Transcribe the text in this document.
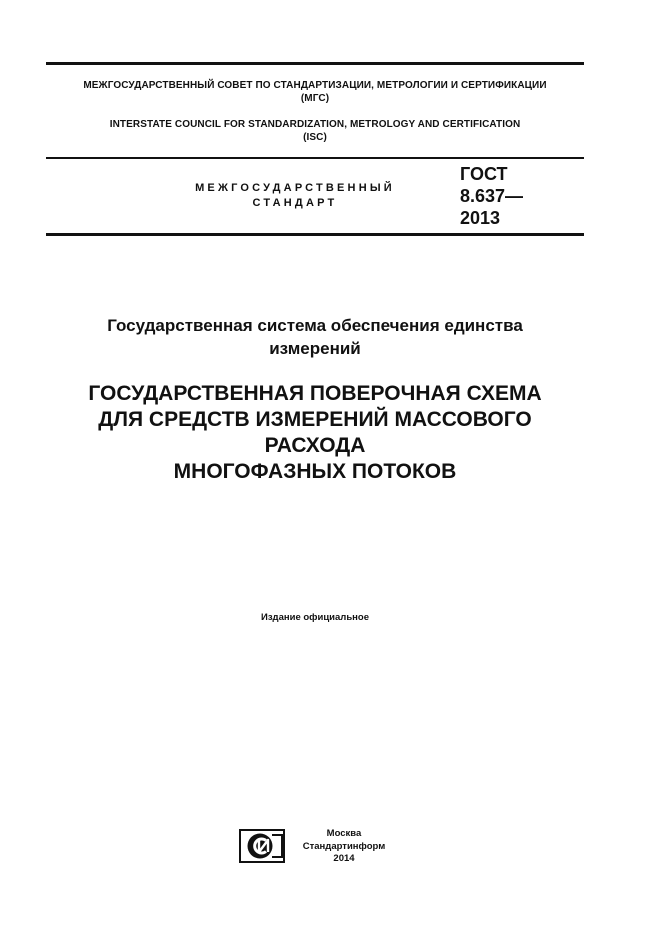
МЕЖГОСУДАРСТВЕННЫЙ СОВЕТ ПО СТАНДАРТИЗАЦИИ, МЕТРОЛОГИИ И СЕРТИФИКАЦИИ
(МГС)
INTERSTATE COUNCIL FOR STANDARDIZATION, METROLOGY AND CERTIFICATION
(ISC)
МЕЖГОСУДАРСТВЕННЫЙ
СТАНДАРТ
ГОСТ
8.637—
2013
Государственная система обеспечения единства
измерений
ГОСУДАРСТВЕННАЯ ПОВЕРОЧНАЯ СХЕМА
ДЛЯ СРЕДСТВ ИЗМЕРЕНИЙ МАССОВОГО
РАСХОДА
МНОГОФАЗНЫХ ПОТОКОВ
Издание официальное
Москва
Стандартинформ
2014
